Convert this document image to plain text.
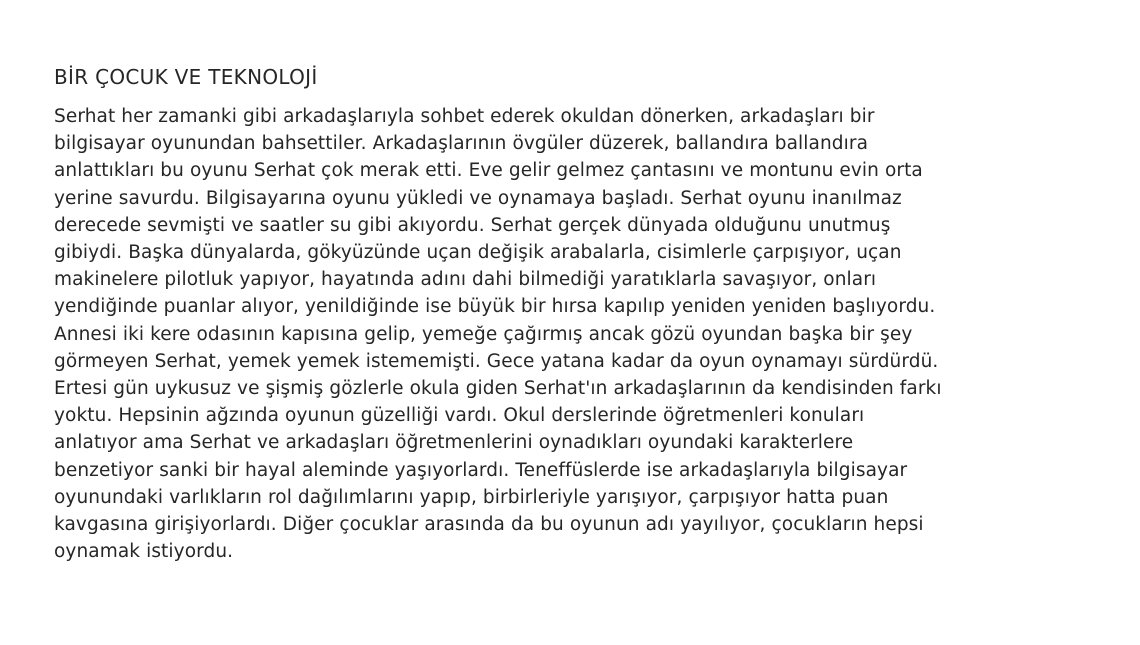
BİR ÇOCUK VE TEKNOLOJİ
Serhat her zamanki gibi arkadaşlarıyla sohbet ederek okuldan dönerken, arkadaşları bir
bilgisayar oyunundan bahsettiler. Arkadaşlarının övgüler düzerek, ballandıra ballandıra
anlattıkları bu oyunu Serhat çok merak etti. Eve gelir gelmez çantasını ve montunu evin orta
yerine savurdu. Bilgisayarına oyunu yükledi ve oynamaya başladı. Serhat oyunu inanılmaz
derecede sevmişti ve saatler su gibi akıyordu. Serhat gerçek dünyada olduğunu unutmuş
gibiydi. Başka dünyalarda, gökyüzünde uçan değişik arabalarla, cisimlerle çarpışıyor, uçan
makinelere pilotluk yapıyor, hayatında adını dahi bilmediği yaratıklarla savaşıyor, onları
yendiğinde puanlar alıyor, yenildiğinde ise büyük bir hırsa kapılıp yeniden yeniden başlıyordu.
Annesi iki kere odasının kapısına gelip, yemeğe çağırmış ancak gözü oyundan başka bir şey
görmeyen Serhat, yemek yemek istememişti. Gece yatana kadar da oyun oynamayı sürdürdü.
Ertesi gün uykusuz ve şişmiş gözlerle okula giden Serhat'ın arkadaşlarının da kendisinden farkı
yoktu. Hepsinin ağzında oyunun güzelliği vardı. Okul derslerinde öğretmenleri konuları
anlatıyor ama Serhat ve arkadaşları öğretmenlerini oynadıkları oyundaki karakterlere
benzetiyor sanki bir hayal aleminde yaşıyorlardı. Teneffüslerde ise arkadaşlarıyla bilgisayar
oyunundaki varlıkların rol dağılımlarını yapıp, birbirleriyle yarışıyor, çarpışıyor hatta puan
kavgasına girişiyorlardı. Diğer çocuklar arasında da bu oyunun adı yayılıyor, çocukların hepsi
oynamak istiyordu.
